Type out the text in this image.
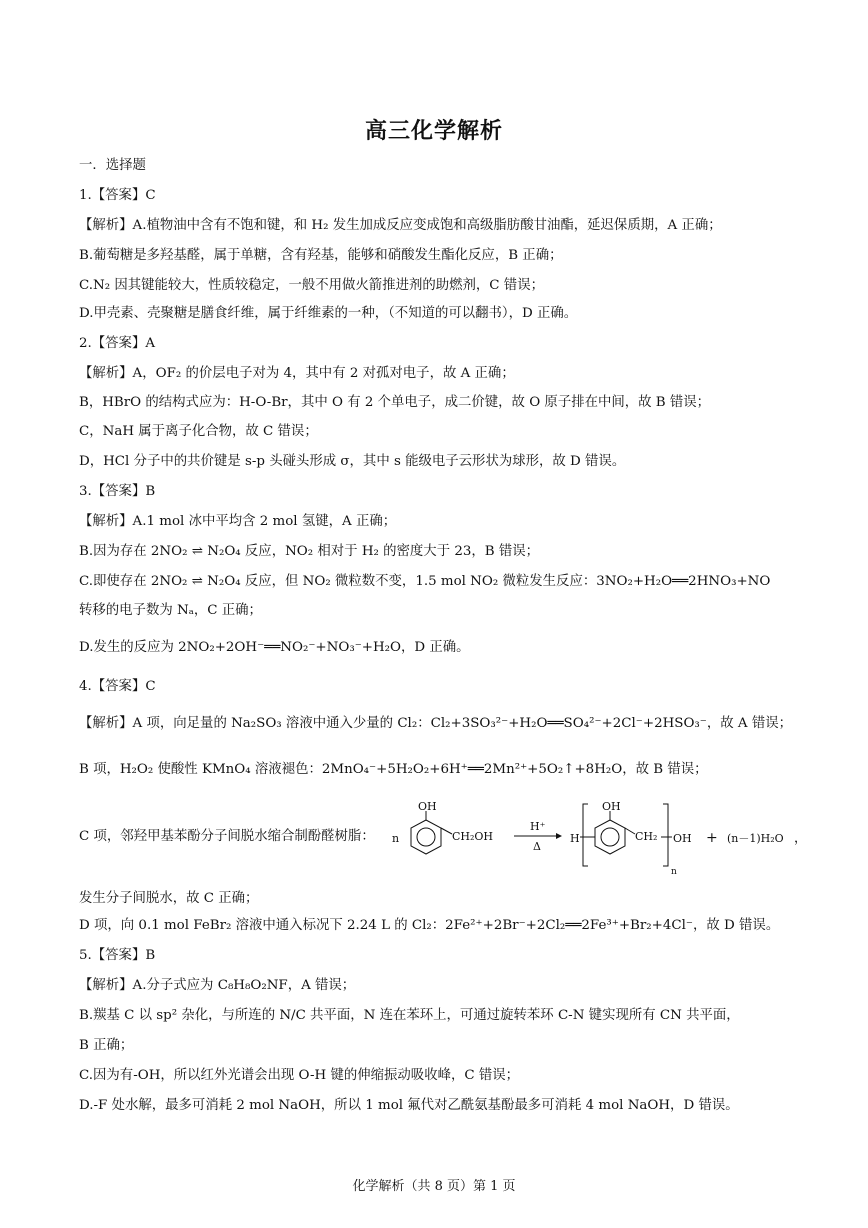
高三化学解析
一．选择题
1.【答案】C
【解析】A.植物油中含有不饱和键，和 H₂ 发生加成反应变成饱和高级脂肪酸甘油酯，延迟保质期，A 正确；
B.葡萄糖是多羟基醛，属于单糖，含有羟基，能够和硝酸发生酯化反应，B 正确；
C.N₂ 因其键能较大，性质较稳定，一般不用做火箭推进剂的助燃剂，C 错误；
D.甲壳素、壳聚糖是膳食纤维，属于纤维素的一种，（不知道的可以翻书），D 正确。
2.【答案】A
【解析】A，OF₂ 的价层电子对为 4，其中有 2 对孤对电子，故 A 正确；
B，HBrO 的结构式应为：H-O-Br，其中 O 有 2 个单电子，成二价键，故 O 原子排在中间，故 B 错误；
C，NaH 属于离子化合物，故 C 错误；
D，HCl 分子中的共价键是 s-p 头碰头形成 σ，其中 s 能级电子云形状为球形，故 D 错误。
3.【答案】B
【解析】A.1 mol 冰中平均含 2 mol 氢键，A 正确；
B.因为存在 2NO₂ ⇌ N₂O₄ 反应，NO₂ 相对于 H₂ 的密度大于 23，B 错误；
C.即使存在 2NO₂ ⇌ N₂O₄ 反应，但 NO₂ 微粒数不变，1.5 mol NO₂ 微粒发生反应：3NO₂+H₂O══2HNO₃+NO
转移的电子数为 Nₐ，C 正确；
D.发生的反应为 2NO₂+2OH⁻══NO₂⁻+NO₃⁻+H₂O，D 正确。
4.【答案】C
【解析】A 项，向足量的 Na₂SO₃ 溶液中通入少量的 Cl₂：Cl₂+3SO₃²⁻+H₂O══SO₄²⁻+2Cl⁻+2HSO₃⁻，故 A 错误；
B 项，H₂O₂ 使酸性 KMnO₄ 溶液褪色：2MnO₄⁻+5H₂O₂+6H⁺══2Mn²⁺+5O₂↑+8H₂O，故 B 错误；
C 项，邻羟甲基苯酚分子间脱水缩合制酚醛树脂： n
OH
CH₂OH
H⁺
Δ
H
OH
CH₂
n
OH + (n－1)H₂O ，
发生分子间脱水，故 C 正确；
D 项，向 0.1 mol FeBr₂ 溶液中通入标况下 2.24 L 的 Cl₂：2Fe²⁺+2Br⁻+2Cl₂══2Fe³⁺+Br₂+4Cl⁻，故 D 错误。
5.【答案】B
【解析】A.分子式应为 C₈H₈O₂NF，A 错误；
B.羰基 C 以 sp² 杂化，与所连的 N/C 共平面，N 连在苯环上，可通过旋转苯环 C-N 键实现所有 CN 共平面，
B 正确；
C.因为有-OH，所以红外光谱会出现 O-H 键的伸缩振动吸收峰，C 错误；
D.-F 处水解，最多可消耗 2 mol NaOH，所以 1 mol 氟代对乙酰氨基酚最多可消耗 4 mol NaOH，D 错误。
化学解析（共 8 页）第 1 页
